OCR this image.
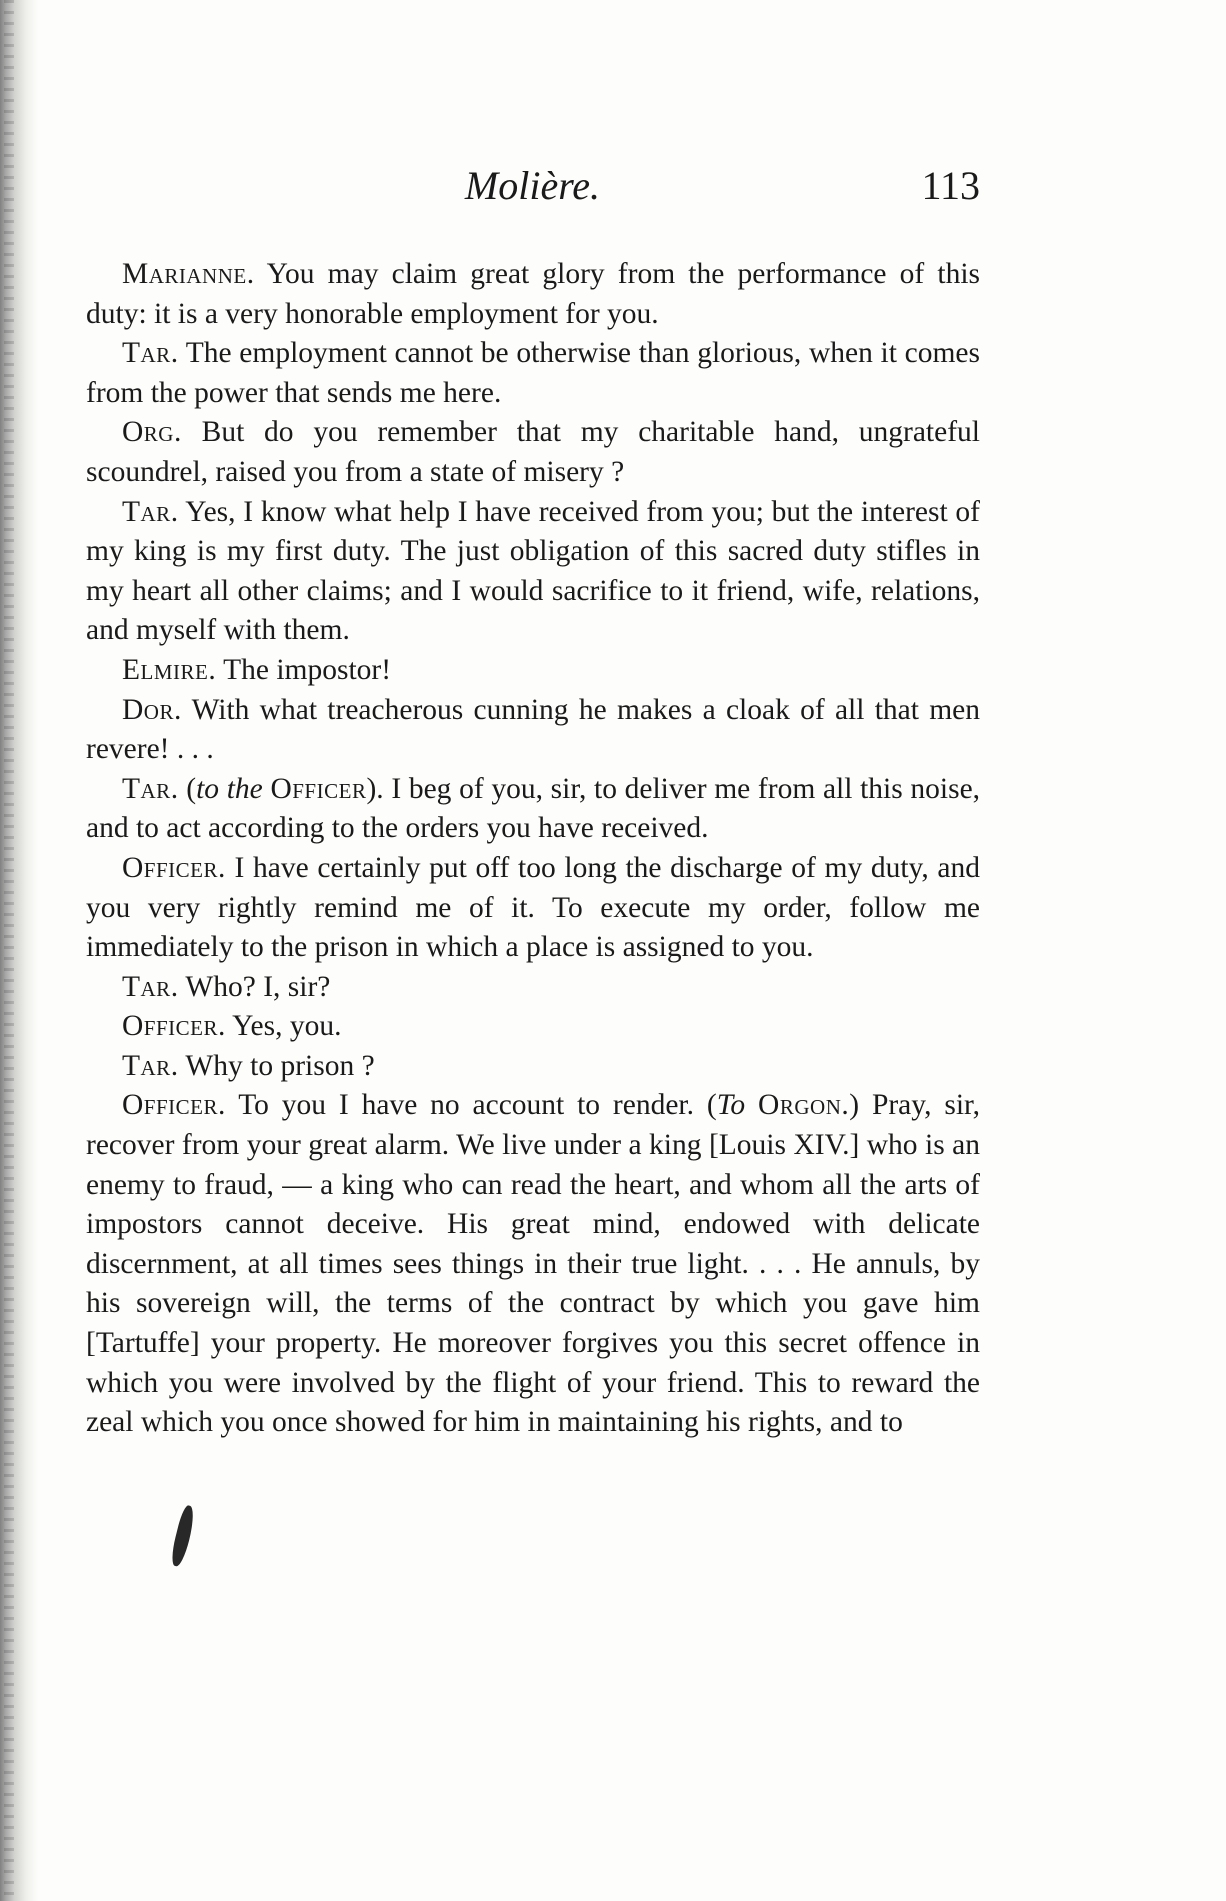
Molière.	113

Marianne. You may claim great glory from the performance of this duty: it is a very honorable employment for you.

Tar. The employment cannot be otherwise than glorious, when it comes from the power that sends me here.

Org. But do you remember that my charitable hand, ungrateful scoundrel, raised you from a state of misery ?

Tar. Yes, I know what help I have received from you; but the interest of my king is my first duty. The just obligation of this sacred duty stifles in my heart all other claims; and I would sacrifice to it friend, wife, relations, and myself with them.

Elmire. The impostor!

Dor. With what treacherous cunning he makes a cloak of all that men revere! . . .

Tar. (to the Officer). I beg of you, sir, to deliver me from all this noise, and to act according to the orders you have received.

Officer. I have certainly put off too long the discharge of my duty, and you very rightly remind me of it. To execute my order, follow me immediately to the prison in which a place is assigned to you.

Tar. Who? I, sir?

Officer. Yes, you.

Tar. Why to prison ?

Officer. To you I have no account to render. (To Orgon.) Pray, sir, recover from your great alarm. We live under a king [Louis XIV.] who is an enemy to fraud, — a king who can read the heart, and whom all the arts of impostors cannot deceive. His great mind, endowed with delicate discernment, at all times sees things in their true light. . . . He annuls, by his sovereign will, the terms of the contract by which you gave him [Tartuffe] your property. He moreover forgives you this secret offence in which you were involved by the flight of your friend. This to reward the zeal which you once showed for him in maintaining his rights, and to
